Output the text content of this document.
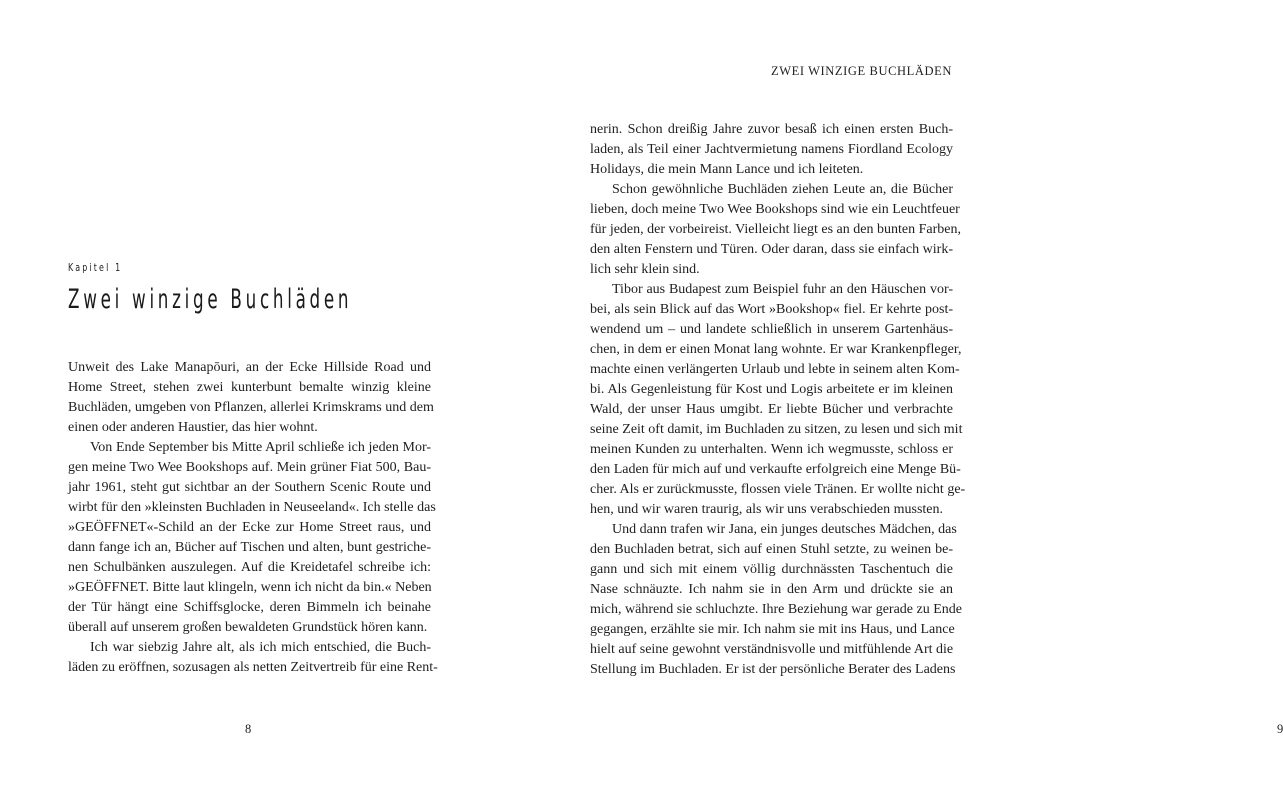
Kapitel 1
Zwei winzige Buchläden
8
ZWEI WINZIGE BUCHLÄDEN
9
Unweit des Lake Manapōuri, an der Ecke Hillside Road und
Home Street, stehen zwei kunterbunt bemalte winzig kleine
Buchläden, umgeben von Pflanzen, allerlei Krimskrams und dem
einen oder anderen Haustier, das hier wohnt.
Von Ende September bis Mitte April schließe ich jeden Mor-
gen meine Two Wee Bookshops auf. Mein grüner Fiat 500, Bau-
jahr 1961, steht gut sichtbar an der Southern Scenic Route und
wirbt für den »kleinsten Buchladen in Neuseeland«. Ich stelle das
»GEÖFFNET«-Schild an der Ecke zur Home Street raus, und
dann fange ich an, Bücher auf Tischen und alten, bunt gestriche-
nen Schulbänken auszulegen. Auf die Kreidetafel schreibe ich:
»GEÖFFNET. Bitte laut klingeln, wenn ich nicht da bin.« Neben
der Tür hängt eine Schiffsglocke, deren Bimmeln ich beinahe
überall auf unserem großen bewaldeten Grundstück hören kann.
Ich war siebzig Jahre alt, als ich mich entschied, die Buch-
läden zu eröffnen, sozusagen als netten Zeitvertreib für eine Rent-
nerin. Schon dreißig Jahre zuvor besaß ich einen ersten Buch-
laden, als Teil einer Jachtvermietung namens Fiordland Ecology
Holidays, die mein Mann Lance und ich leiteten.
Schon gewöhnliche Buchläden ziehen Leute an, die Bücher
lieben, doch meine Two Wee Bookshops sind wie ein Leuchtfeuer
für jeden, der vorbeireist. Vielleicht liegt es an den bunten Farben,
den alten Fenstern und Türen. Oder daran, dass sie einfach wirk-
lich sehr klein sind.
Tibor aus Budapest zum Beispiel fuhr an den Häuschen vor-
bei, als sein Blick auf das Wort »Bookshop« fiel. Er kehrte post-
wendend um – und landete schließlich in unserem Gartenhäus-
chen, in dem er einen Monat lang wohnte. Er war Krankenpfleger,
machte einen verlängerten Urlaub und lebte in seinem alten Kom-
bi. Als Gegenleistung für Kost und Logis arbeitete er im kleinen
Wald, der unser Haus umgibt. Er liebte Bücher und verbrachte
seine Zeit oft damit, im Buchladen zu sitzen, zu lesen und sich mit
meinen Kunden zu unterhalten. Wenn ich wegmusste, schloss er
den Laden für mich auf und verkaufte erfolgreich eine Menge Bü-
cher. Als er zurückmusste, flossen viele Tränen. Er wollte nicht ge-
hen, und wir waren traurig, als wir uns verabschieden mussten.
Und dann trafen wir Jana, ein junges deutsches Mädchen, das
den Buchladen betrat, sich auf einen Stuhl setzte, zu weinen be-
gann und sich mit einem völlig durchnässten Taschentuch die
Nase schnäuzte. Ich nahm sie in den Arm und drückte sie an
mich, während sie schluchzte. Ihre Beziehung war gerade zu Ende
gegangen, erzählte sie mir. Ich nahm sie mit ins Haus, und Lance
hielt auf seine gewohnt verständnisvolle und mitfühlende Art die
Stellung im Buchladen. Er ist der persönliche Berater des Ladens
